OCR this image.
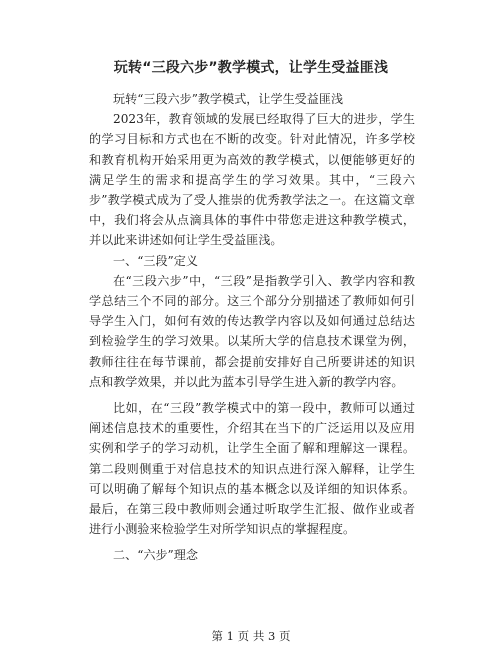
玩转“三段六步”教学模式，让学生受益匪浅

玩转“三段六步”教学模式，让学生受益匪浅

2023年，教育领域的发展已经取得了巨大的进步，学生的学习目标和方式也在不断的改变。针对此情况，许多学校和教育机构开始采用更为高效的教学模式，以便能够更好的满足学生的需求和提高学生的学习效果。其中，“三段六步”教学模式成为了受人推崇的优秀教学法之一。在这篇文章中，我们将会从点滴具体的事件中带您走进这种教学模式，并以此来讲述如何让学生受益匪浅。

一、“三段”定义

在“三段六步”中，“三段”是指教学引入、教学内容和教学总结三个不同的部分。这三个部分分别描述了教师如何引导学生入门，如何有效的传达教学内容以及如何通过总结达到检验学生的学习效果。以某所大学的信息技术课堂为例，教师往往在每节课前，都会提前安排好自己所要讲述的知识点和教学效果，并以此为蓝本引导学生进入新的教学内容。

比如，在“三段”教学模式中的第一段中，教师可以通过阐述信息技术的重要性，介绍其在当下的广泛运用以及应用实例和学子的学习动机，让学生全面了解和理解这一课程。第二段则侧重于对信息技术的知识点进行深入解释，让学生可以明确了解每个知识点的基本概念以及详细的知识体系。最后，在第三段中教师则会通过听取学生汇报、做作业或者进行小测验来检验学生对所学知识点的掌握程度。

二、“六步”理念

第 1 页 共 3 页
